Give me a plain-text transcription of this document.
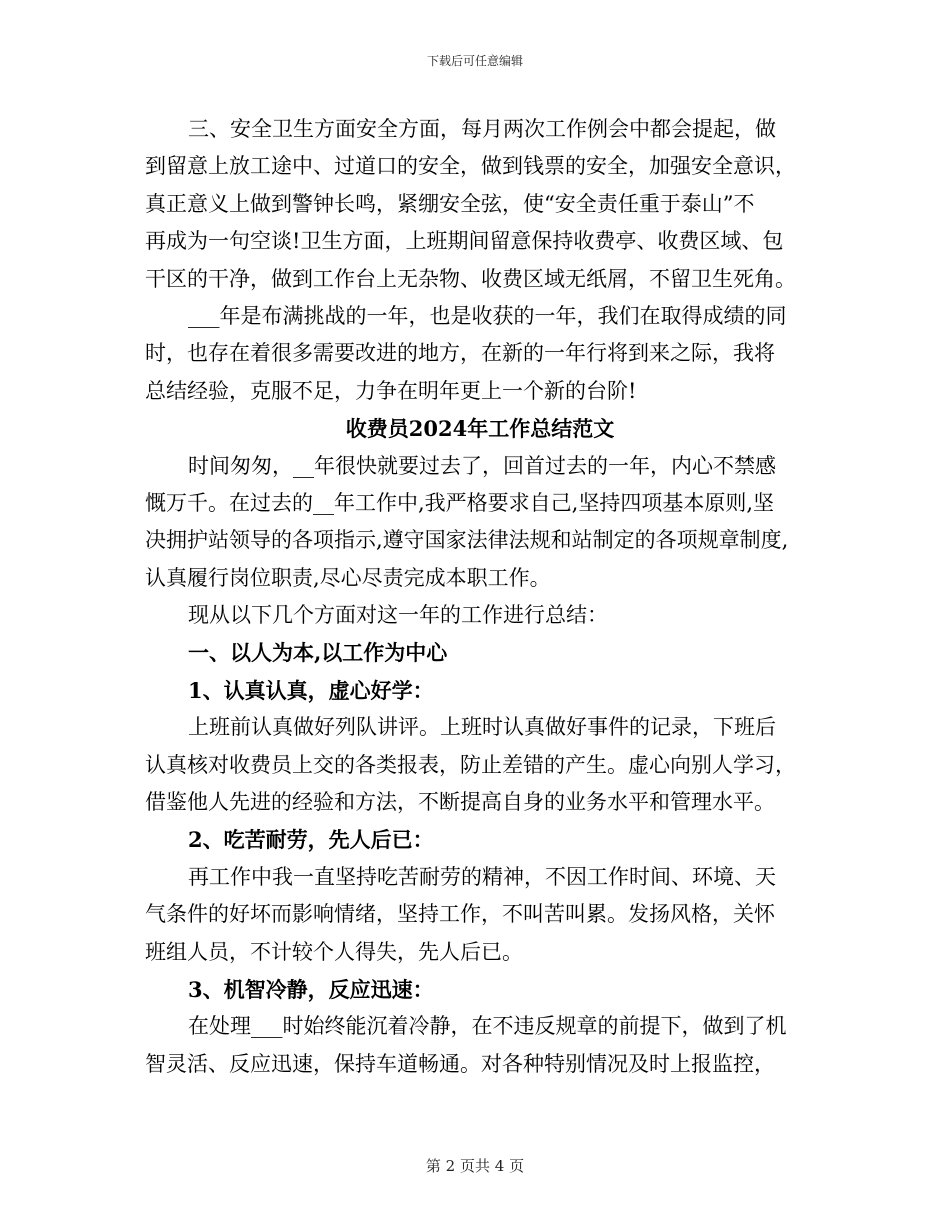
下载后可任意编辑
三、安全卫生方面安全方面，每月两次工作例会中都会提起，做
到留意上放工途中、过道口的安全，做到钱票的安全，加强安全意识，
真正意义上做到警钟长鸣，紧绷安全弦，使“安全责任重于泰山”不
再成为一句空谈!卫生方面，上班期间留意保持收费亭、收费区域、包
干区的干净，做到工作台上无杂物、收费区域无纸屑，不留卫生死角。
___年是布满挑战的一年，也是收获的一年，我们在取得成绩的同
时，也存在着很多需要改进的地方，在新的一年行将到来之际，我将
总结经验，克服不足，力争在明年更上一个新的台阶!
收费员2024年工作总结范文
时间匆匆，__年很快就要过去了，回首过去的一年，内心不禁感
慨万千。在过去的__年工作中,我严格要求自己,坚持四项基本原则,坚
决拥护站领导的各项指示,遵守国家法律法规和站制定的各项规章制度,
认真履行岗位职责,尽心尽责完成本职工作。
现从以下几个方面对这一年的工作进行总结：
一、以人为本,以工作为中心
1、认真认真，虚心好学：
上班前认真做好列队讲评。上班时认真做好事件的记录，下班后
认真核对收费员上交的各类报表，防止差错的产生。虚心向别人学习，
借鉴他人先进的经验和方法，不断提高自身的业务水平和管理水平。
2、吃苦耐劳，先人后已：
再工作中我一直坚持吃苦耐劳的精神，不因工作时间、环境、天
气条件的好坏而影响情绪，坚持工作，不叫苦叫累。发扬风格，关怀
班组人员，不计较个人得失，先人后已。
3、机智冷静，反应迅速：
在处理___时始终能沉着冷静，在不违反规章的前提下，做到了机
智灵活、反应迅速，保持车道畅通。对各种特别情况及时上报监控，
第 2 页共 4 页
